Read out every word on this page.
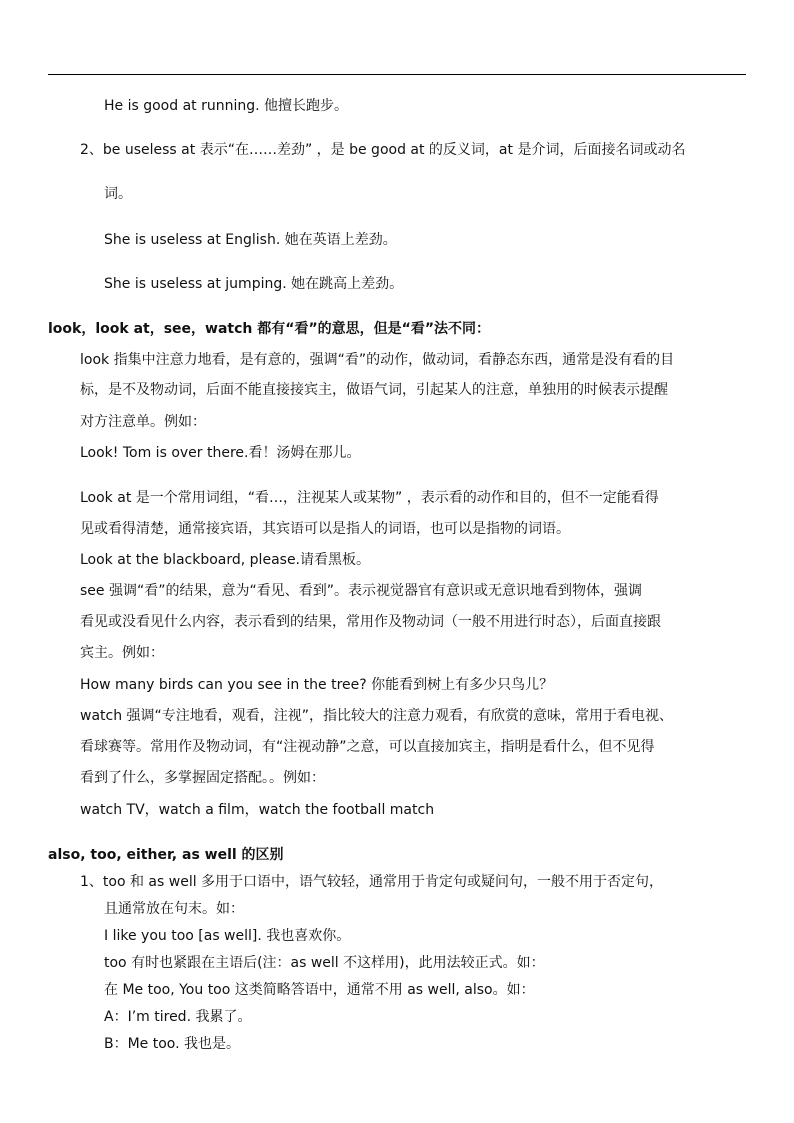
He is good at running. 他擅长跑步。
2、be useless at 表示“在……差劲” ，是 be good at 的反义词，at 是介词，后面接名词或动名
词。
She is useless at English. 她在英语上差劲。
She is useless at jumping. 她在跳高上差劲。
look，look at，see，watch 都有“看”的意思，但是“看”法不同：
look 指集中注意力地看，是有意的，强调“看”的动作，做动词，看静态东西，通常是没有看的目
标，是不及物动词，后面不能直接接宾主，做语气词，引起某人的注意，单独用的时候表示提醒
对方注意单。例如：
Look! Tom is over there.看！汤姆在那儿。
Look at 是一个常用词组，“看…，注视某人或某物” ，表示看的动作和目的，但不一定能看得
见或看得清楚，通常接宾语，其宾语可以是指人的词语，也可以是指物的词语。
Look at the blackboard, please.请看黑板。
see 强调“看”的结果，意为“看见、看到”。表示视觉器官有意识或无意识地看到物体，强调
看见或没看见什么内容，表示看到的结果，常用作及物动词（一般不用进行时态），后面直接跟
宾主。例如：
How many birds can you see in the tree? 你能看到树上有多少只鸟儿？
watch 强调“专注地看，观看，注视”，指比较大的注意力观看，有欣赏的意味，常用于看电视、
看球赛等。常用作及物动词，有“注视动静”之意，可以直接加宾主，指明是看什么，但不见得
看到了什么，多掌握固定搭配。。例如：
watch TV，watch a film，watch the football match
also, too, either, as well 的区别
1、too 和 as well 多用于口语中，语气较轻，通常用于肯定句或疑问句，一般不用于否定句，
且通常放在句末。如：
I like you too [as well]. 我也喜欢你。
too 有时也紧跟在主语后(注：as well 不这样用)，此用法较正式。如：
在 Me too, You too 这类简略答语中，通常不用 as well, also。如：
A：I’m tired. 我累了。
B：Me too. 我也是。
